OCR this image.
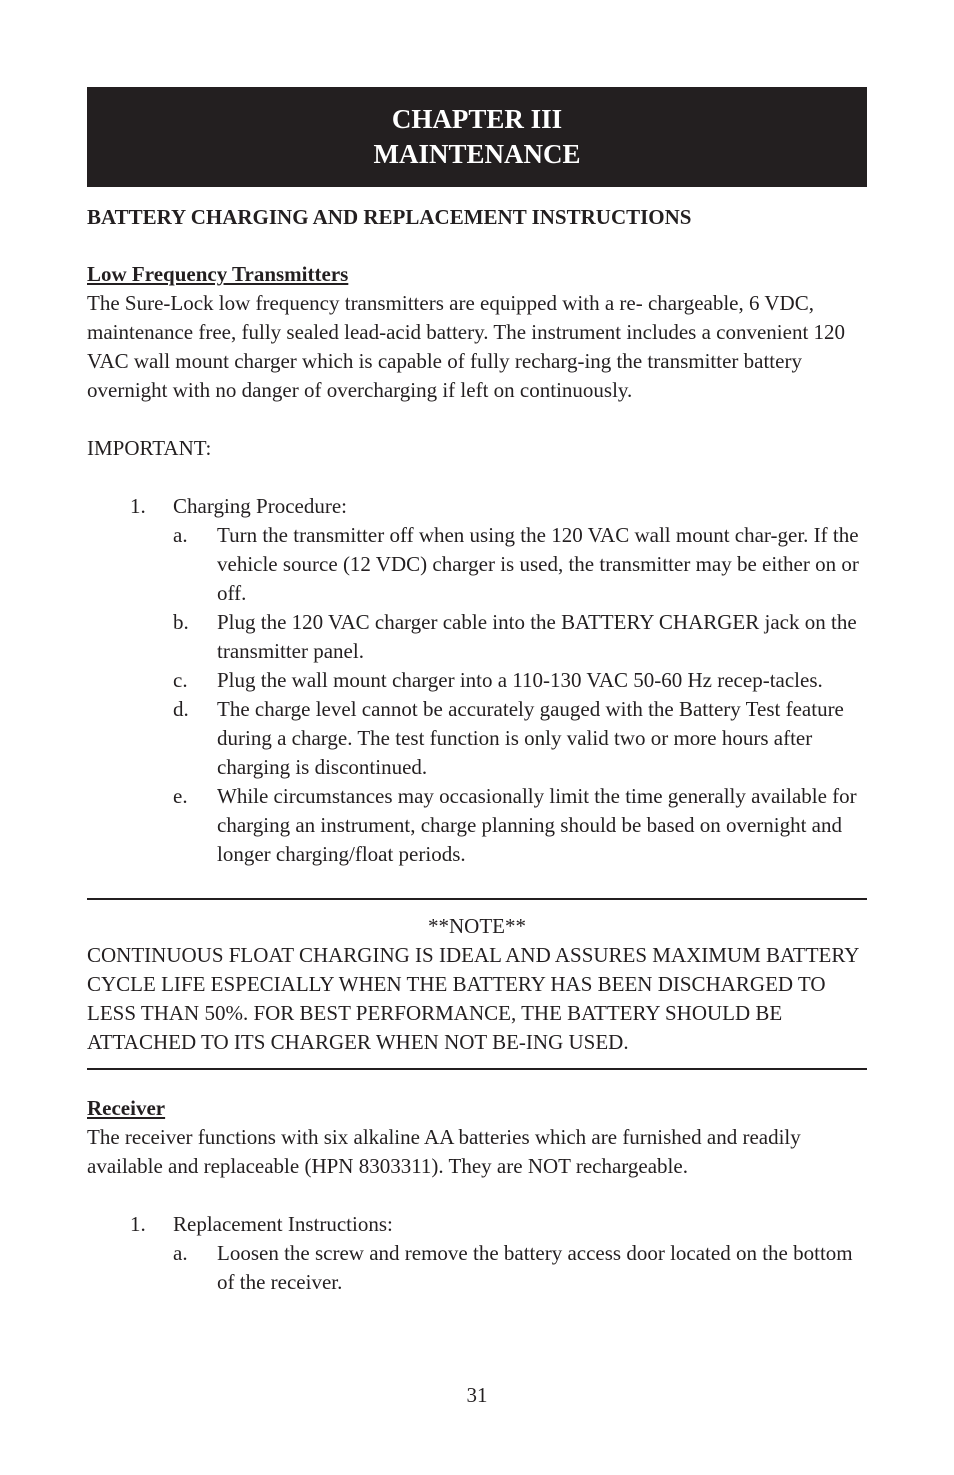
CHAPTER III
MAINTENANCE
BATTERY CHARGING AND REPLACEMENT INSTRUCTIONS
Low Frequency Transmitters

The Sure-Lock low frequency transmitters are equipped with a re- chargeable, 6 VDC, maintenance free, fully sealed lead-acid battery. The instrument includes a convenient 120 VAC wall mount charger which is capable of fully recharg-ing the transmitter battery overnight with no danger of overcharging if left on continuously.

IMPORTANT:

1.	Charging Procedure:
a.	Turn the transmitter off when using the 120 VAC wall mount char-ger. If the vehicle source (12 VDC) charger is used, the transmitter may be either on or off.
b.	Plug the 120 VAC charger cable into the BATTERY CHARGER jack on the transmitter panel.
c.	Plug the wall mount charger into a 110-130 VAC 50-60 Hz recep-tacles.
d.	The charge level cannot be accurately gauged with the Battery Test feature during a charge. The test function is only valid two or more hours after charging is discontinued.
e.	While circumstances may occasionally limit the time generally available for charging an instrument, charge planning should be based on overnight and longer charging/float periods.
**NOTE**

CONTINUOUS FLOAT CHARGING IS IDEAL AND ASSURES MAXIMUM BATTERY CYCLE LIFE ESPECIALLY WHEN THE BATTERY HAS BEEN DISCHARGED TO LESS THAN 50%. FOR BEST PERFORMANCE, THE BATTERY SHOULD BE ATTACHED TO ITS CHARGER WHEN NOT BE-ING USED.

Receiver

The receiver functions with six alkaline AA batteries which are furnished and readily available and replaceable (HPN 8303311). They are NOT rechargeable.

1.	Replacement Instructions:
a.	Loosen the screw and remove the battery access door located on the bottom of the receiver.
31
